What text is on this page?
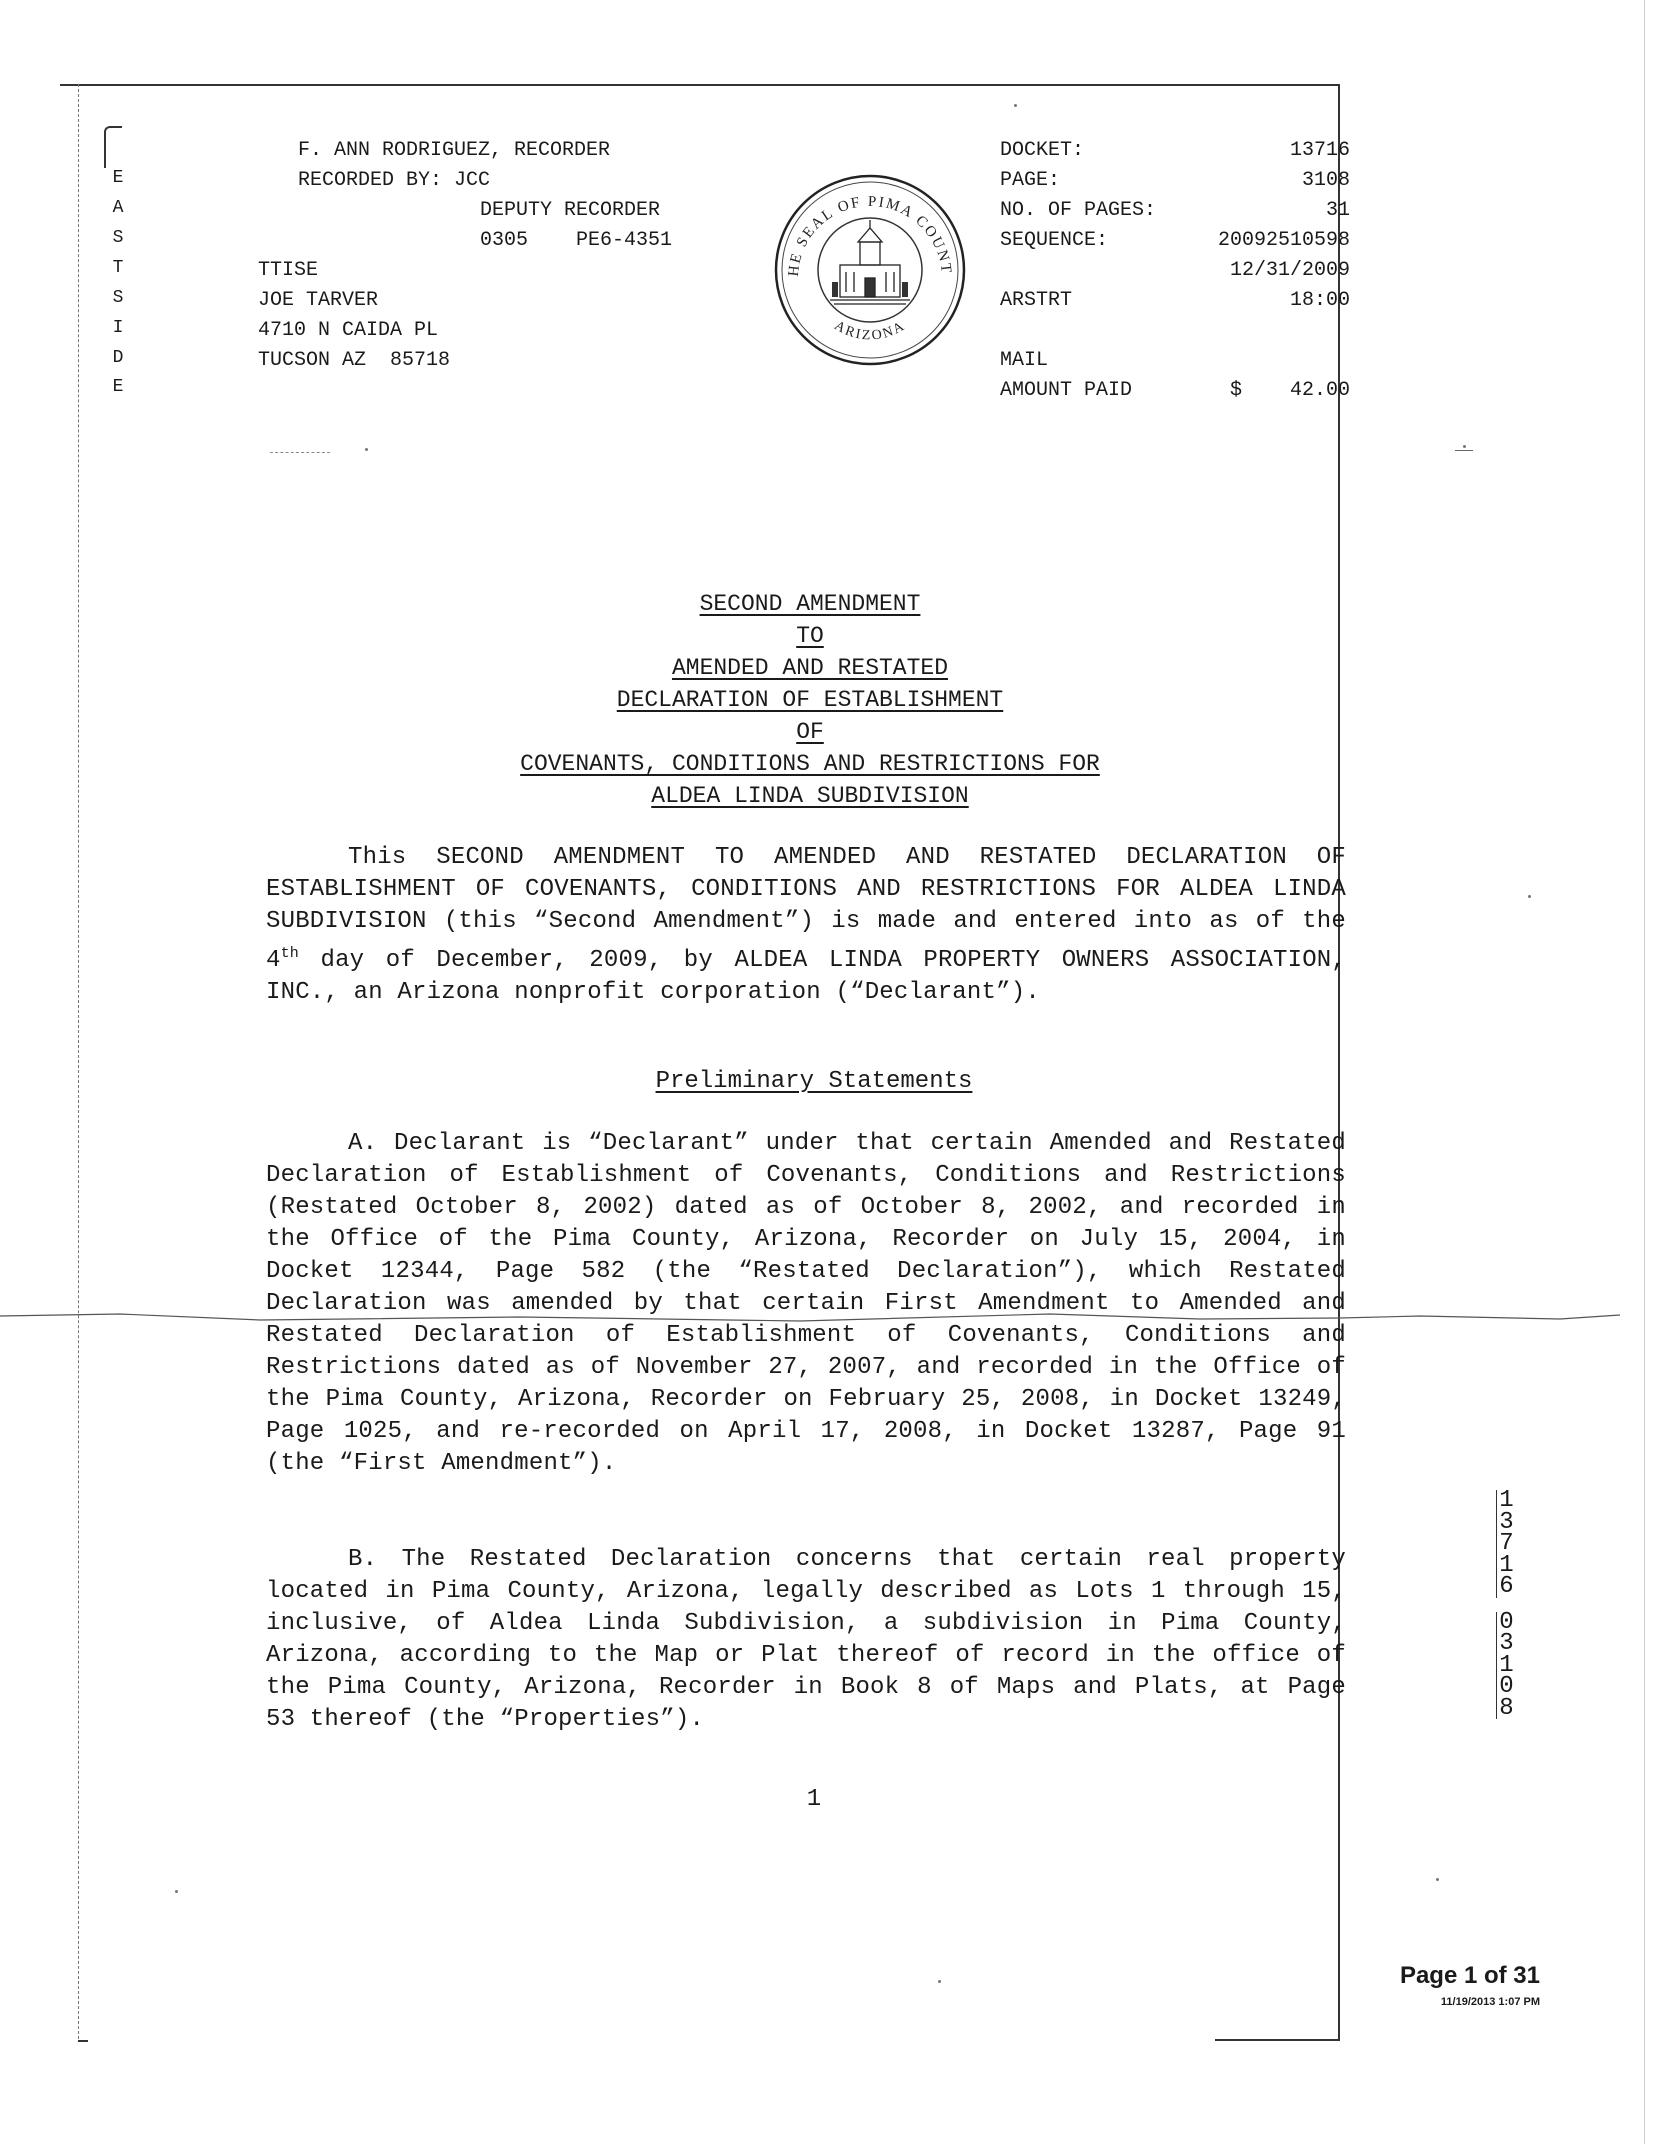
E
A
S
T
S
I
D
E
F. ANN RODRIGUEZ, RECORDER
RECORDED BY: JCC
DEPUTY RECORDER
0305    PE6-4351
TTISE
JOE TARVER
4710 N CAIDA PL
TUCSON AZ  85718
HE SEAL OF PIMA COUNT
ARIZONA
DOCKET:	13716
PAGE:	3108
NO. OF PAGES:	31
SEQUENCE:	20092510598
12/31/2009
ARSTRT	18:00
MAIL
AMOUNT PAID	$    42.00
SECOND AMENDMENT
TO
AMENDED AND RESTATED
DECLARATION OF ESTABLISHMENT
OF
COVENANTS, CONDITIONS AND RESTRICTIONS FOR
ALDEA LINDA SUBDIVISION
This SECOND AMENDMENT TO AMENDED AND RESTATED DECLARATION OF ESTABLISHMENT OF COVENANTS, CONDITIONS AND RESTRICTIONS FOR ALDEA LINDA SUBDIVISION (this “Second Amendment”) is made and entered into as of the 4th day of December, 2009, by ALDEA LINDA PROPERTY OWNERS ASSOCIATION, INC., an Arizona nonprofit corporation (“Declarant”).
Preliminary Statements
A. Declarant is “Declarant” under that certain Amended and Restated Declaration of Establishment of Covenants, Conditions and Restrictions (Restated October 8, 2002) dated as of October 8, 2002, and recorded in the Office of the Pima County, Arizona, Recorder on July 15, 2004, in Docket 12344, Page 582 (the “Restated Declaration”), which Restated Declaration was amended by that certain First Amendment to Amended and Restated Declaration of Establishment of Covenants, Conditions and Restrictions dated as of November 27, 2007, and recorded in the Office of the Pima County, Arizona, Recorder on February 25, 2008, in Docket 13249, Page 1025, and re-recorded on April 17, 2008, in Docket 13287, Page 91 (the “First Amendment”).
B. The Restated Declaration concerns that certain real property located in Pima County, Arizona, legally described as Lots 1 through 15, inclusive, of Aldea Linda Subdivision, a subdivision in Pima County, Arizona, according to the Map or Plat thereof of record in the office of the Pima County, Arizona, Recorder in Book 8 of Maps and Plats, at Page 53 thereof (the “Properties”).
1
13716
03108
Page 1 of 31
11/19/2013 1:07 PM
